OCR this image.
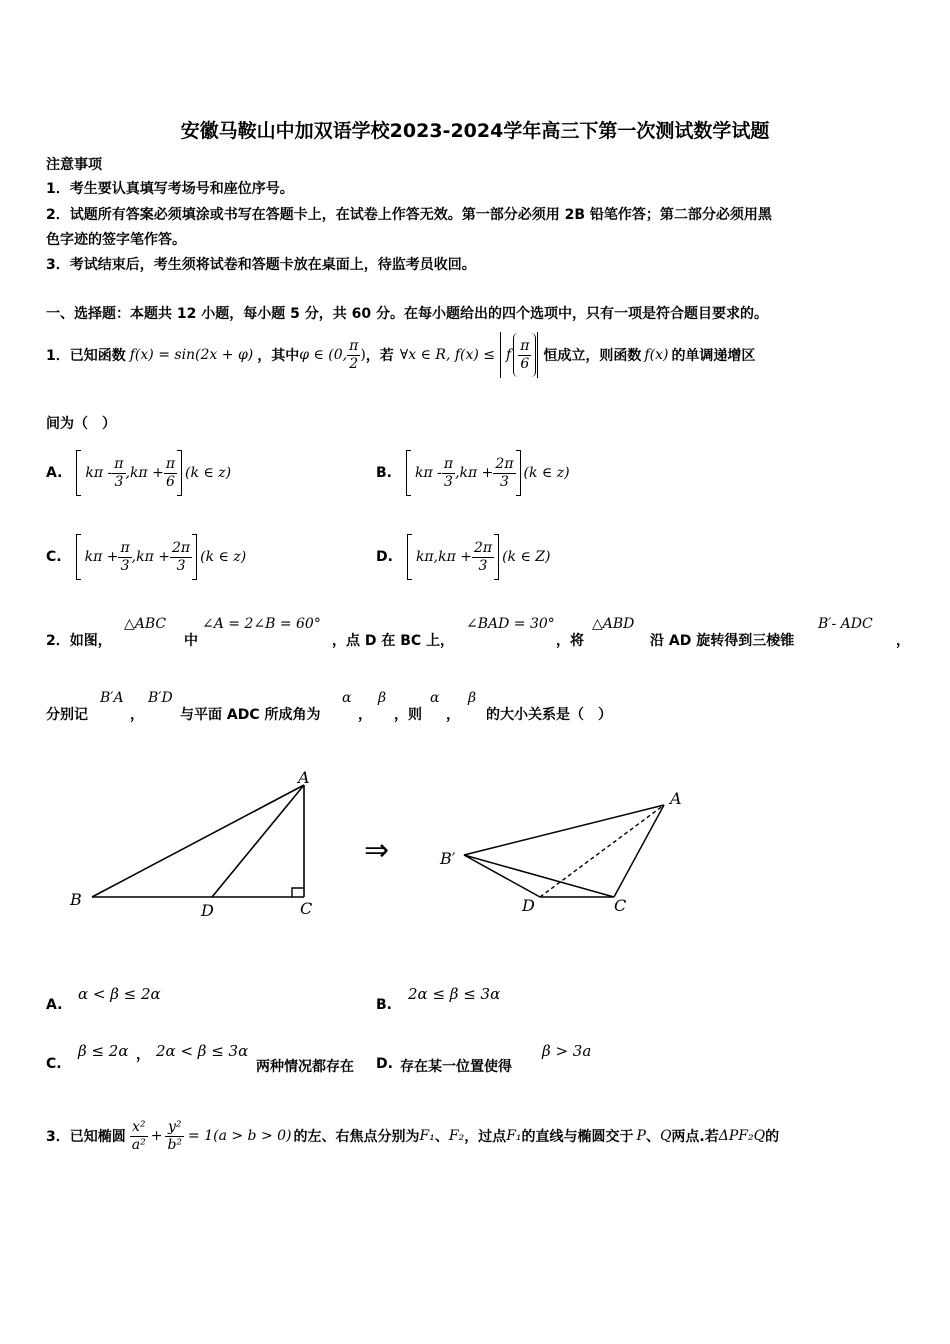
安徽马鞍山中加双语学校2023-2024学年高三下第一次测试数学试题
注意事项
1．考生要认真填写考场号和座位序号。
2．试题所有答案必须填涂或书写在答题卡上，在试卷上作答无效。第一部分必须用 2B 铅笔作答；第二部分必须用黑
色字迹的签字笔作答。
3．考试结束后，考生须将试卷和答题卡放在桌面上，待监考员收回。
一、选择题：本题共 12 小题，每小题 5 分，共 60 分。在每小题给出的四个选项中，只有一项是符合题目要求的。
1．已知函数 f(x) = sin(2x + φ) ，其中 φ ∈ (0, $\frac{\pi}{2}$ ) ，若 ∀x ∈ R, f(x) ≤ f $\frac{\pi}{6}$ 恒成立，则函数 f(x) 的单调递增区
间为（　）
A. $k\pi - \frac{\pi}{3} ,k\pi + \frac{\pi}{6} (k$ ∈ z)	B. $k\pi - \frac{\pi}{3} ,k\pi + \frac{2\pi}{3} (k$ ∈ z)
C. $k\pi + \frac{\pi}{3} ,k\pi + \frac{2\pi}{3} (k$ ∈ z)	D. $k\pi,k\pi + \frac{2\pi}{3} (k$ ∈ Z)
2．如图，
△ABC
中
∠A = 2∠B = 60°
，点 D 在 BC 上，
∠BAD = 30°
，将
△ABD
沿 AD 旋转得到三棱锥
B′- ADC
，
分别记
B′A
，
B′D
与平面 ADC 所成角为
α
，
β
，则
α
，
β
的大小关系是（　）
B
A
D	C
⇒
A
B′
D	C
A.
α < β ≤ 2α
B.
2α ≤ β ≤ 3α
C.
β ≤ 2α ， 2α < β ≤ 3α
两种情况都存在 D. 存在某一位置使得
β > 3a
3．已知椭圆 $\frac{\text{x²}}{\text{a²}} + \frac{\text{y²}}{\text{b²}} = 1(a > b > 0)$ 的左、右焦点分别为 F₁ 、 F₂ ，过点 F₁ 的直线与椭圆交于 P 、 Q 两点.若 ΔPF₂Q 的
